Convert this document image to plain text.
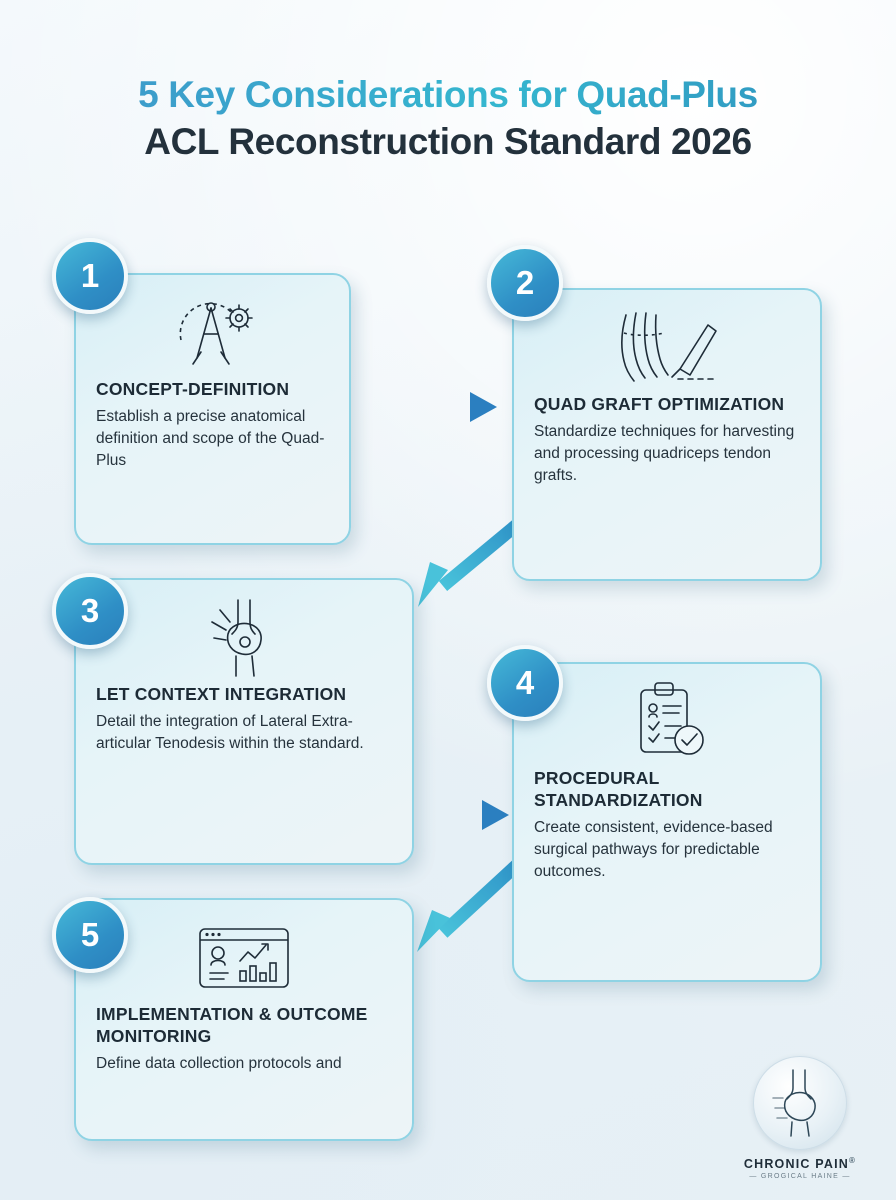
5 Key Considerations for Quad-Plus
ACL Reconstruction Standard 2026
CONCEPT-DEFINITION
Establish a precise anatomical definition and scope of the Quad-Plus
1
QUAD GRAFT OPTIMIZATION
Standardize techniques for harvesting and processing quadriceps tendon grafts.
2
LET CONTEXT INTEGRATION
Detail the integration of Lateral Extra-articular Tenodesis within the standard.
3
PROCEDURAL STANDARDIZATION
Create consistent, evidence-based surgical pathways for predictable outcomes.
4
IMPLEMENTATION & OUTCOME MONITORING
Define data collection protocols and
5
CHRONIC PAIN®
— GROGICAL HAINE —
